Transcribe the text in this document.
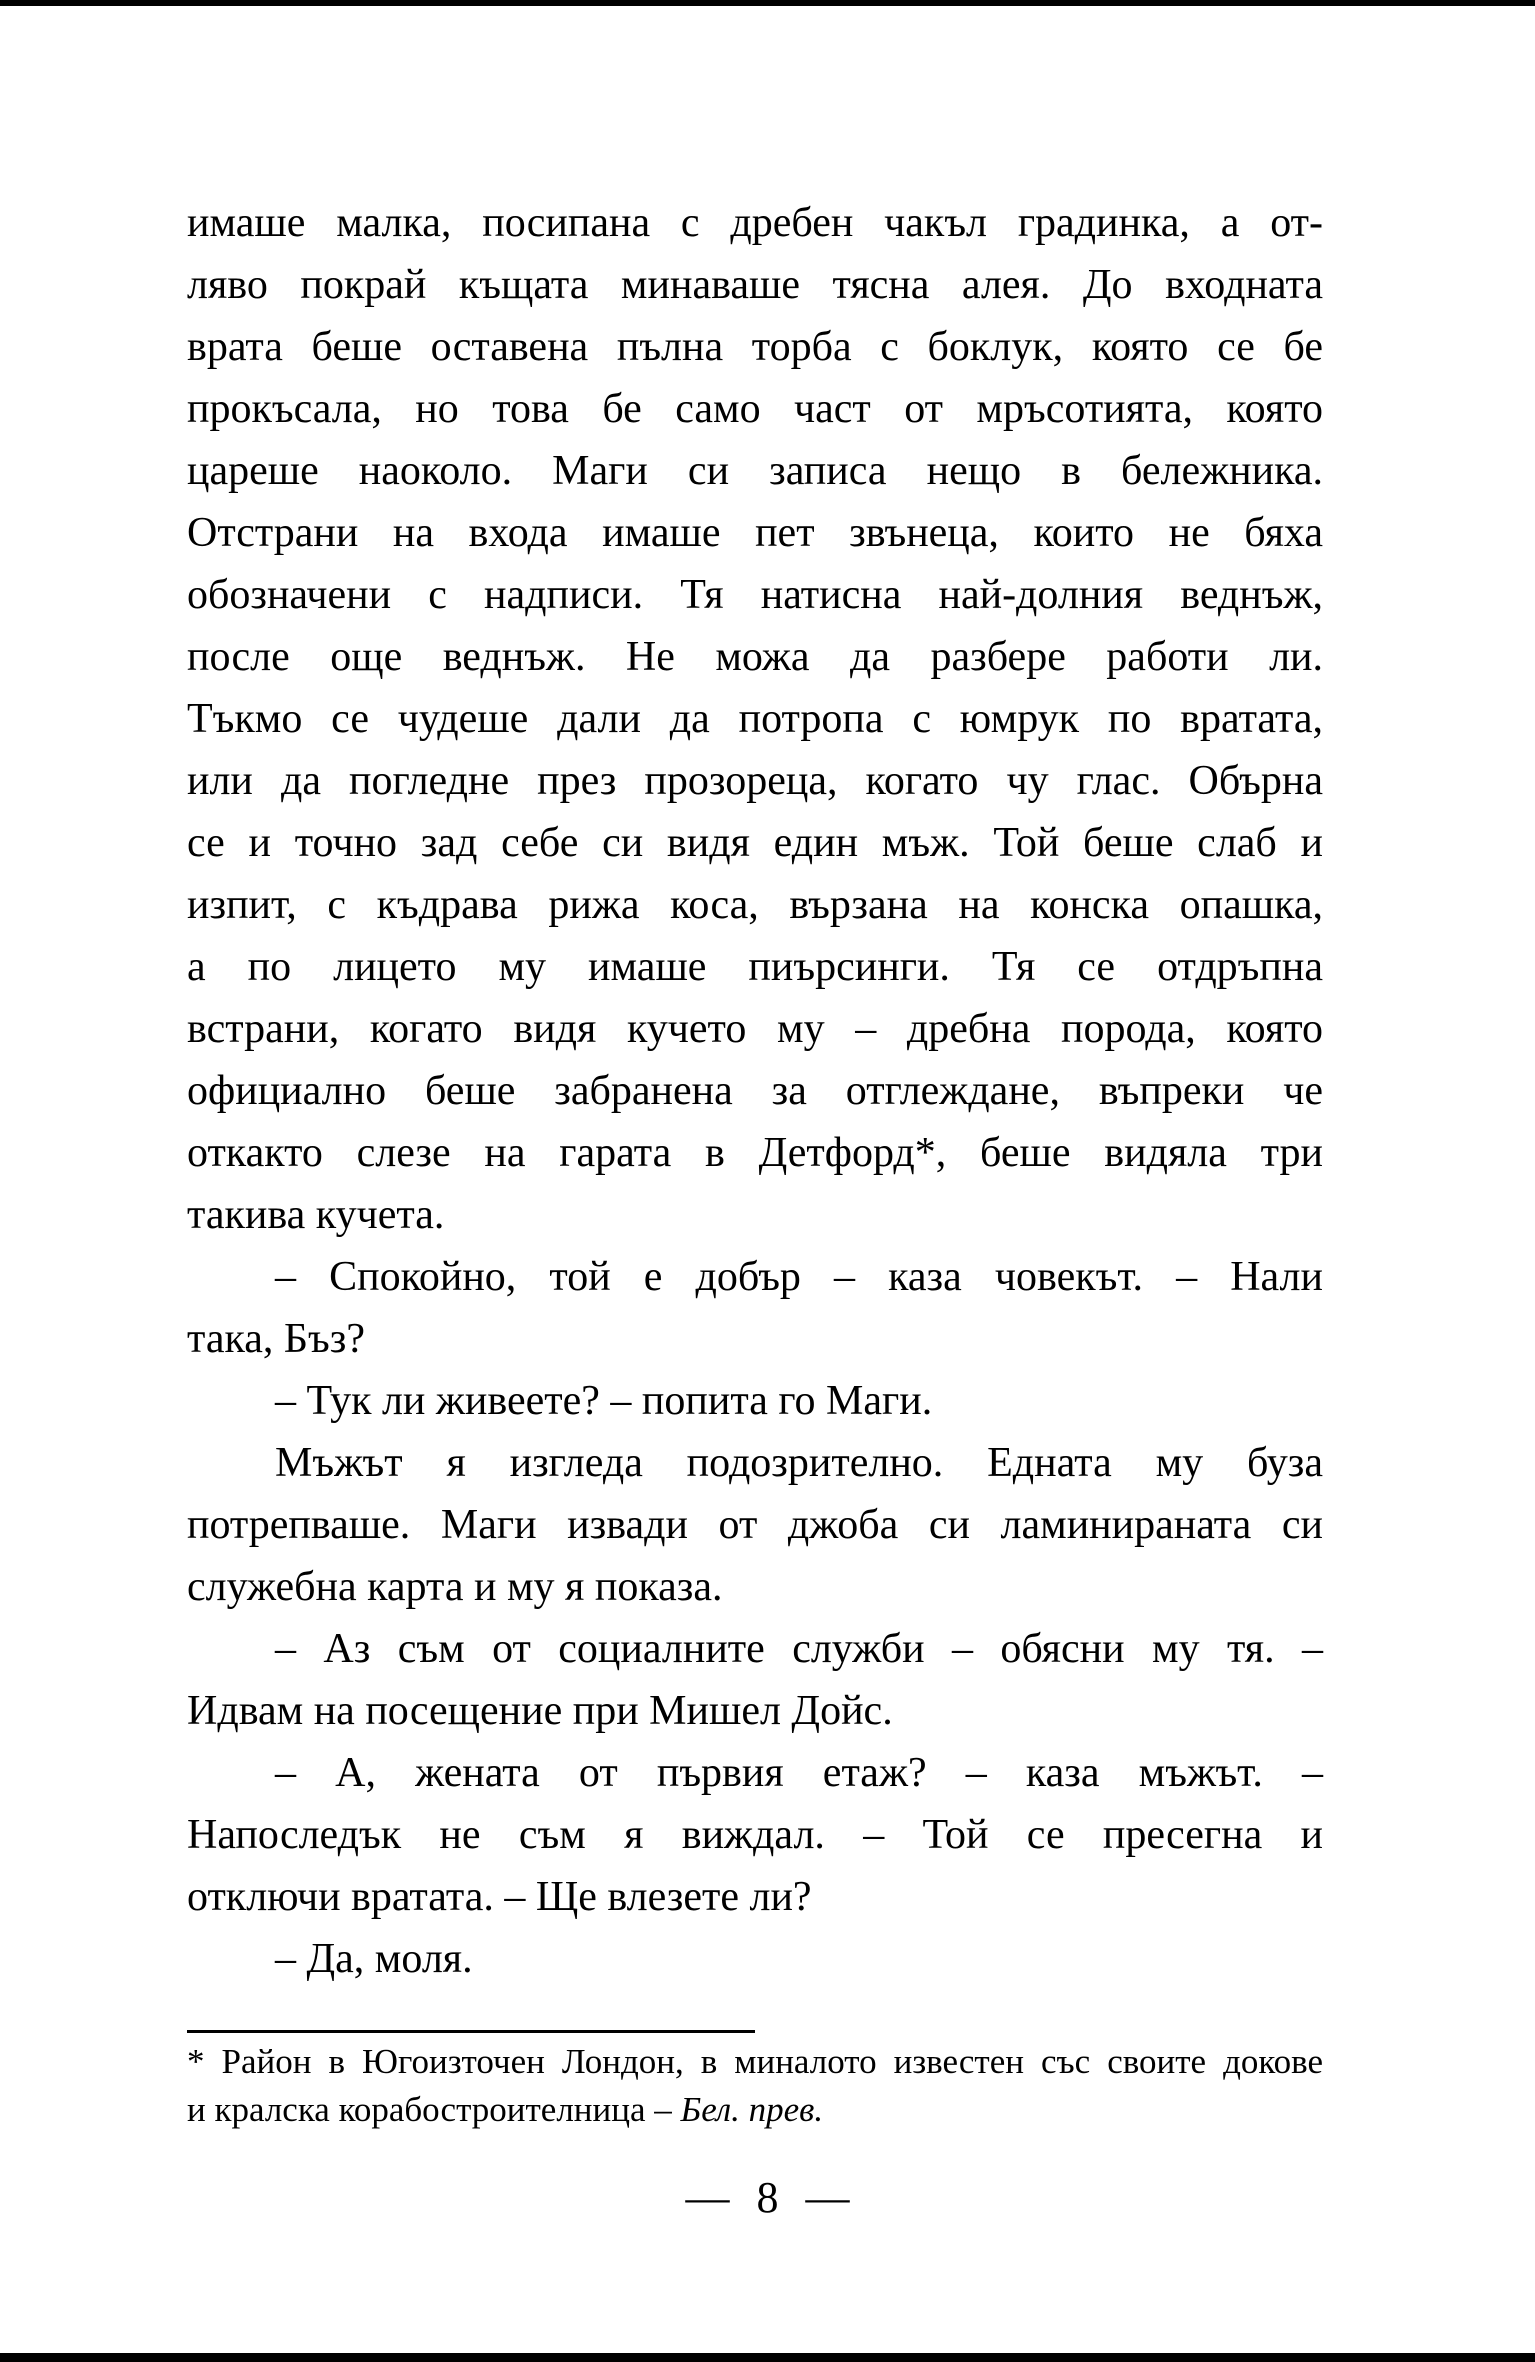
имаше малка, посипана с дребен чакъл градинка, а от-
ляво покрай къщата минаваше тясна алея. До входната
врата беше оставена пълна торба с боклук, която се бе
прокъсала, но това бе само част от мръсотията, която
цареше наоколо. Маги си записа нещо в бележника.
Отстрани на входа имаше пет звънеца, които не бяха
обозначени с надписи. Тя натисна най-долния веднъж,
после още веднъж. Не можа да разбере работи ли.
Тъкмо се чудеше дали да потропа с юмрук по вратата,
или да погледне през прозореца, когато чу глас. Обърна
се и точно зад себе си видя един мъж. Той беше слаб и
изпит, с къдрава рижа коса, вързана на конска опашка,
а по лицето му имаше пиърсинги. Тя се отдръпна
встрани, когато видя кучето му – дребна порода, която
официално беше забранена за отглеждане, въпреки че
откакто слезе на гарата в Детфорд*, беше видяла три
такива кучета.
– Спокойно, той е добър – каза човекът. – Нали
така, Бъз?
– Тук ли живеете? – попита го Маги.
Мъжът я изгледа подозрително. Едната му буза
потрепваше. Маги извади от джоба си ламинираната си
служебна карта и му я показа.
– Аз съм от социалните служби – обясни му тя. –
Идвам на посещение при Мишел Дойс.
– А, жената от първия етаж? – каза мъжът. –
Напоследък не съм я виждал. – Той се пресегна и
отключи вратата. – Ще влезете ли?
– Да, моля.
* Район в Югоизточен Лондон, в миналото известен със своите докове
и кралска корабостроителница – Бел. прев.
— 8 —
